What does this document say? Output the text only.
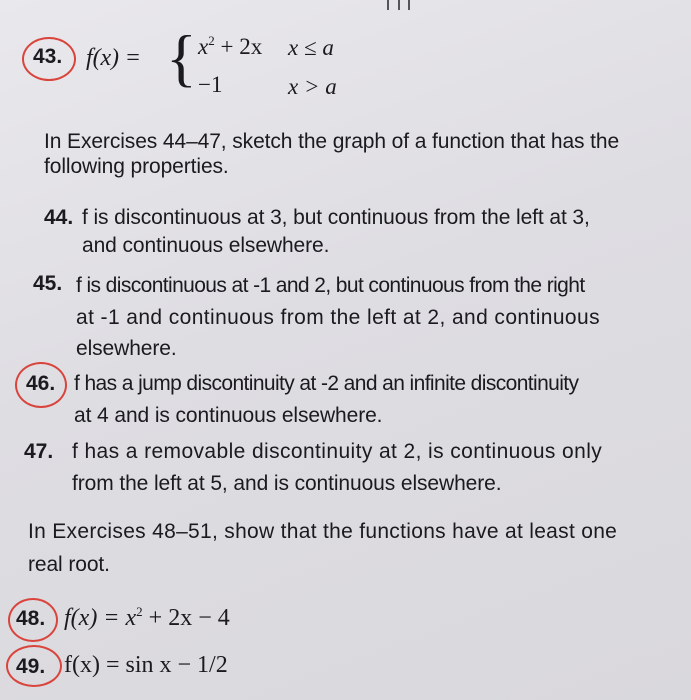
43. f(x) = { $x^2 + 2x$ x ≤ a
−1	x > a
In Exercises 44–47, sketch the graph of a function that has the
following properties.
44. f is discontinuous at 3, but continuous from the left at 3,
and continuous elsewhere.
45. f is discontinuous at -1 and 2, but continuous from the right
at -1 and continuous from the left at 2, and continuous
elsewhere.
46. f has a jump discontinuity at -2 and an infinite discontinuity
at 4 and is continuous elsewhere.
47. f has a removable discontinuity at 2, is continuous only
from the left at 5, and is continuous elsewhere.
In Exercises 48–51, show that the functions have at least one
real root.
48. $f(x) = x^2 + 2x - 4$
49. f(x) = sin x − 1/2
